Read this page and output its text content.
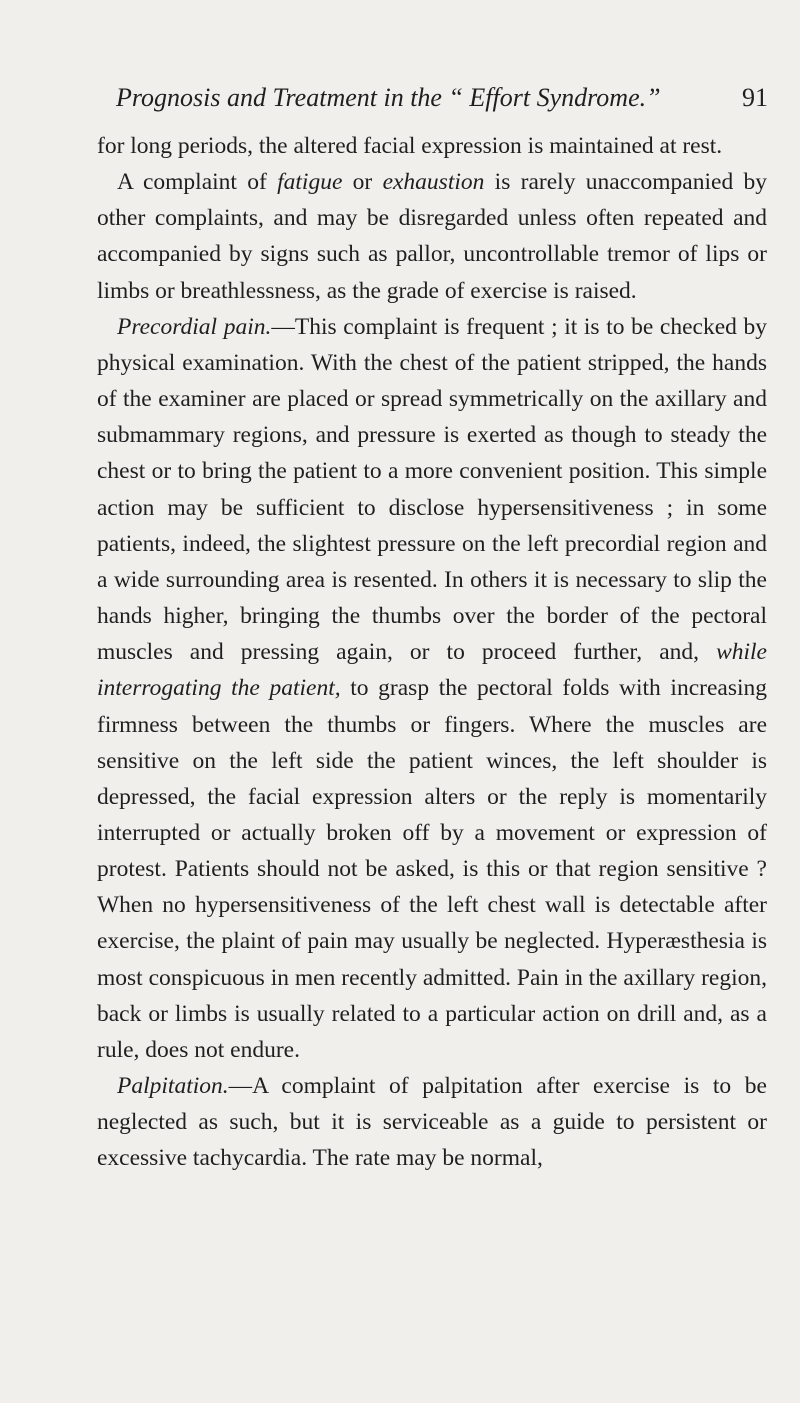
Prognosis and Treatment in the “ Effort Syndrome.”	91

for long periods, the altered facial expression is maintained at rest.

A complaint of fatigue or exhaustion is rarely unaccompanied by other complaints, and may be disregarded unless often repeated and accompanied by signs such as pallor, uncontrollable tremor of lips or limbs or breathlessness, as the grade of exercise is raised.

Precordial pain.—This complaint is frequent ; it is to be checked by physical examination. With the chest of the patient stripped, the hands of the examiner are placed or spread symmetrically on the axillary and submammary regions, and pressure is exerted as though to steady the chest or to bring the patient to a more convenient position. This simple action may be sufficient to disclose hypersensitiveness ; in some patients, indeed, the slightest pressure on the left precordial region and a wide surrounding area is resented. In others it is necessary to slip the hands higher, bringing the thumbs over the border of the pectoral muscles and pressing again, or to proceed further, and, while interrogating the patient, to grasp the pectoral folds with increasing firmness between the thumbs or fingers. Where the muscles are sensitive on the left side the patient winces, the left shoulder is depressed, the facial expression alters or the reply is momentarily interrupted or actually broken off by a movement or expression of protest. Patients should not be asked, is this or that region sensitive ? When no hypersensitiveness of the left chest wall is detectable after exercise, the plaint of pain may usually be neglected. Hyperæsthesia is most conspicuous in men recently admitted. Pain in the axillary region, back or limbs is usually related to a particular action on drill and, as a rule, does not endure.

Palpitation.—A complaint of palpitation after exercise is to be neglected as such, but it is serviceable as a guide to persistent or excessive tachycardia. The rate may be normal,
